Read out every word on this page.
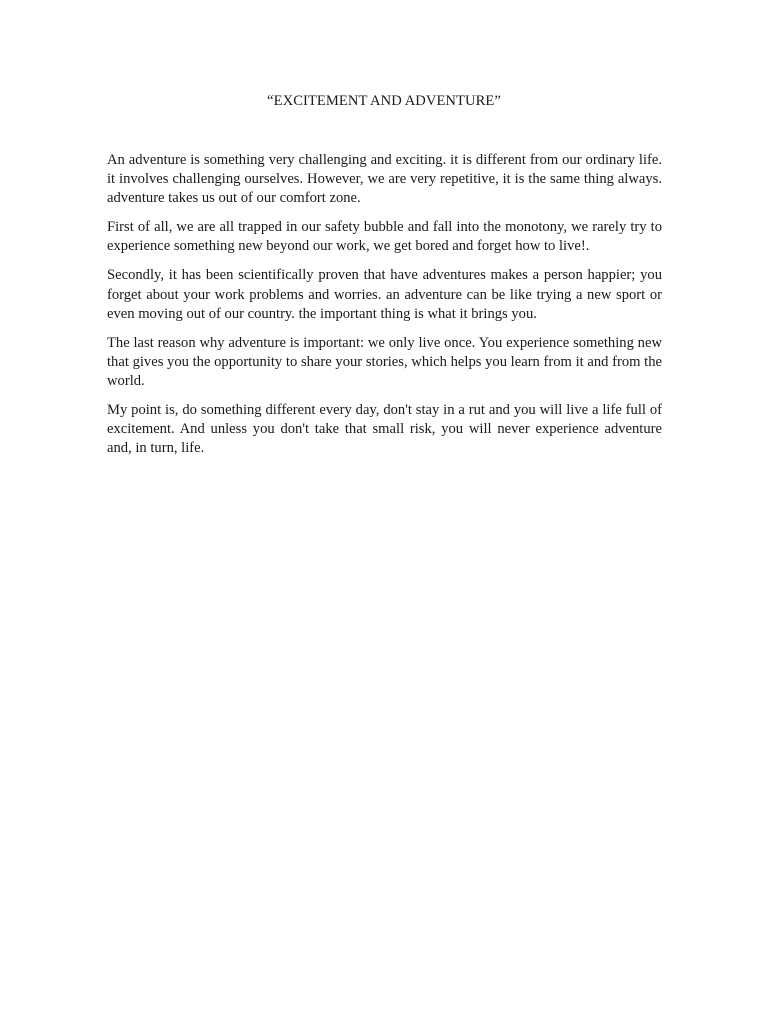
“EXCITEMENT AND ADVENTURE”

An adventure is something very challenging and exciting. it is different from our ordinary life. it involves challenging ourselves. However, we are very repetitive, it is the same thing always. adventure takes us out of our comfort zone.

First of all, we are all trapped in our safety bubble and fall into the monotony, we rarely try to experience something new beyond our work, we get bored and forget how to live!.

Secondly, it has been scientifically proven that have adventures makes a person happier; you forget about your work problems and worries. an adventure can be like trying a new sport or even moving out of our country. the important thing is what it brings you.

The last reason why adventure is important: we only live once. You experience something new that gives you the opportunity to share your stories, which helps you learn from it and from the world.

My point is, do something different every day, don't stay in a rut and you will live a life full of excitement. And unless you don't take that small risk, you will never experience adventure and, in turn, life.
